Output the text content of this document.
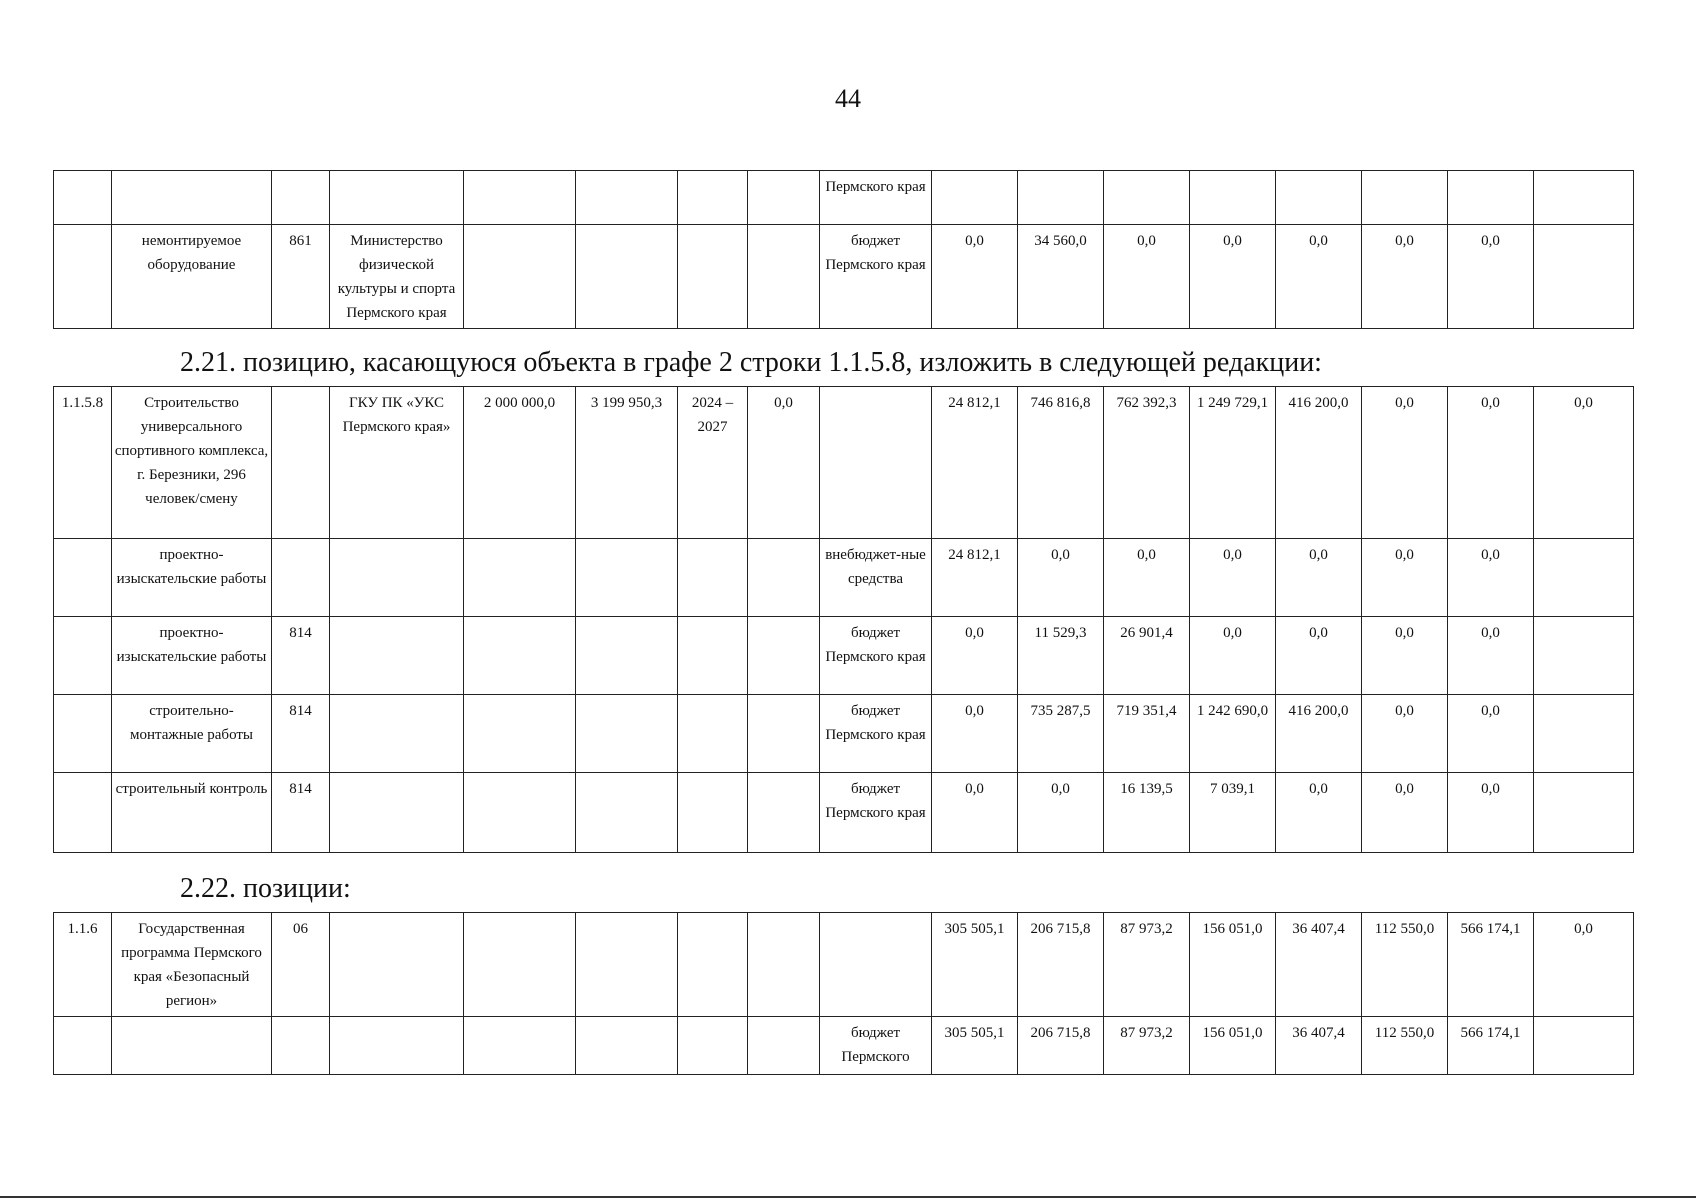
44
								Пермского края								
	немонтируемое оборудование	861	Министерство физической культуры и спорта Пермского края					бюджет Пермского края	0,0	34 560,0	0,0	0,0	0,0	0,0	0,0	
2.21. позицию, касающуюся объекта в графе 2 строки 1.1.5.8, изложить в следующей редакции:
1.1.5.8	Строительство универсального спортивного комплекса, г. Березники, 296 человек/смену		ГКУ ПК «УКС Пермского края»	2 000 000,0	3 199 950,3	2024 – 2027	0,0		24 812,1	746 816,8	762 392,3	1 249 729,1	416 200,0	0,0	0,0	0,0
	проектно-изыскательские работы							внебюджет-ные средства	24 812,1	0,0	0,0	0,0	0,0	0,0	0,0	
	проектно-изыскательские работы	814						бюджет Пермского края	0,0	11 529,3	26 901,4	0,0	0,0	0,0	0,0	
	строительно-монтажные работы	814						бюджет Пермского края	0,0	735 287,5	719 351,4	1 242 690,0	416 200,0	0,0	0,0	
	строительный контроль	814						бюджет Пермского края	0,0	0,0	16 139,5	7 039,1	0,0	0,0	0,0	
2.22. позиции:
1.1.6	Государственная программа Пермского края «Безопасный регион»	06							305 505,1	206 715,8	87 973,2	156 051,0	36 407,4	112 550,0	566 174,1	0,0
								бюджет Пермского	305 505,1	206 715,8	87 973,2	156 051,0	36 407,4	112 550,0	566 174,1	
